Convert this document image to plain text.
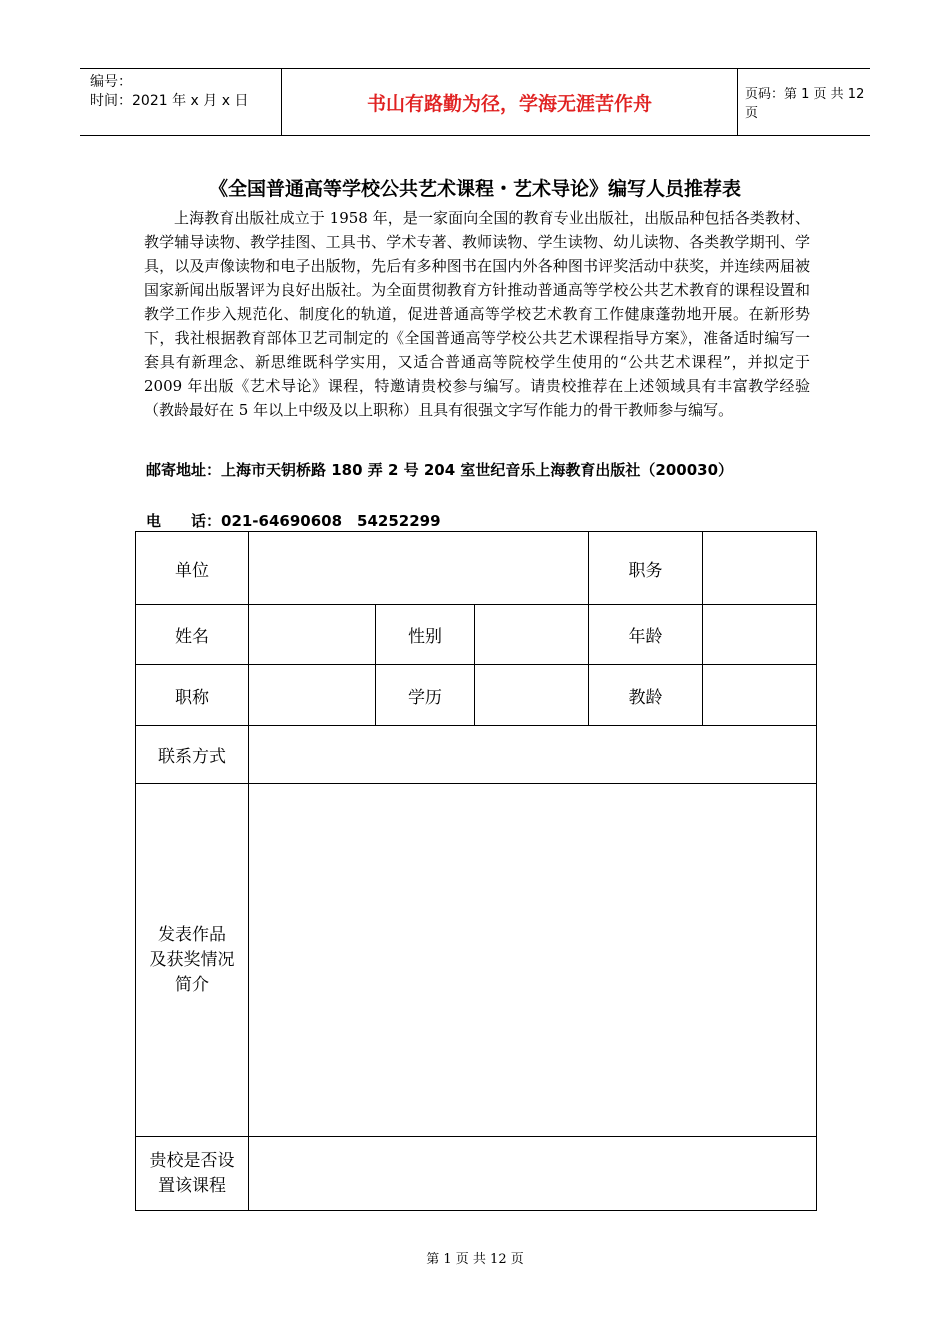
编号：
时间：2021 年 x 月 x 日	书山有路勤为径，学海无涯苦作舟	页码：第 1 页 共 12 页
《全国普通高等学校公共艺术课程・艺术导论》编写人员推荐表

上海教育出版社成立于 1958 年，是一家面向全国的教育专业出版社，出版品种包括各类教材、教学辅导读物、教学挂图、工具书、学术专著、教师读物、学生读物、幼儿读物、各类教学期刊、学具，以及声像读物和电子出版物，先后有多种图书在国内外各种图书评奖活动中获奖，并连续两届被国家新闻出版署评为良好出版社。为全面贯彻教育方针推动普通高等学校公共艺术教育的课程设置和教学工作步入规范化、制度化的轨道，促进普通高等学校艺术教育工作健康蓬勃地开展。在新形势下，我社根据教育部体卫艺司制定的《全国普通高等学校公共艺术课程指导方案》，准备适时编写一套具有新理念、新思维既科学实用，又适合普通高等院校学生使用的“公共艺术课程”，并拟定于 2009 年出版《艺术导论》课程，特邀请贵校参与编写。请贵校推荐在上述领域具有丰富教学经验（教龄最好在 5 年以上中级及以上职称）且具有很强文字写作能力的骨干教师参与编写。

邮寄地址：上海市天钥桥路 180 弄 2 号 204 室世纪音乐上海教育出版社（200030）
电　　话：021-64690608　54252299
单位				职务	
姓名		性别		年龄	
职称		学历		教龄	
联系方式					

发表作品
及获奖情况
简介					

贵校是否设
置该课程					

第 1 页 共 12 页
